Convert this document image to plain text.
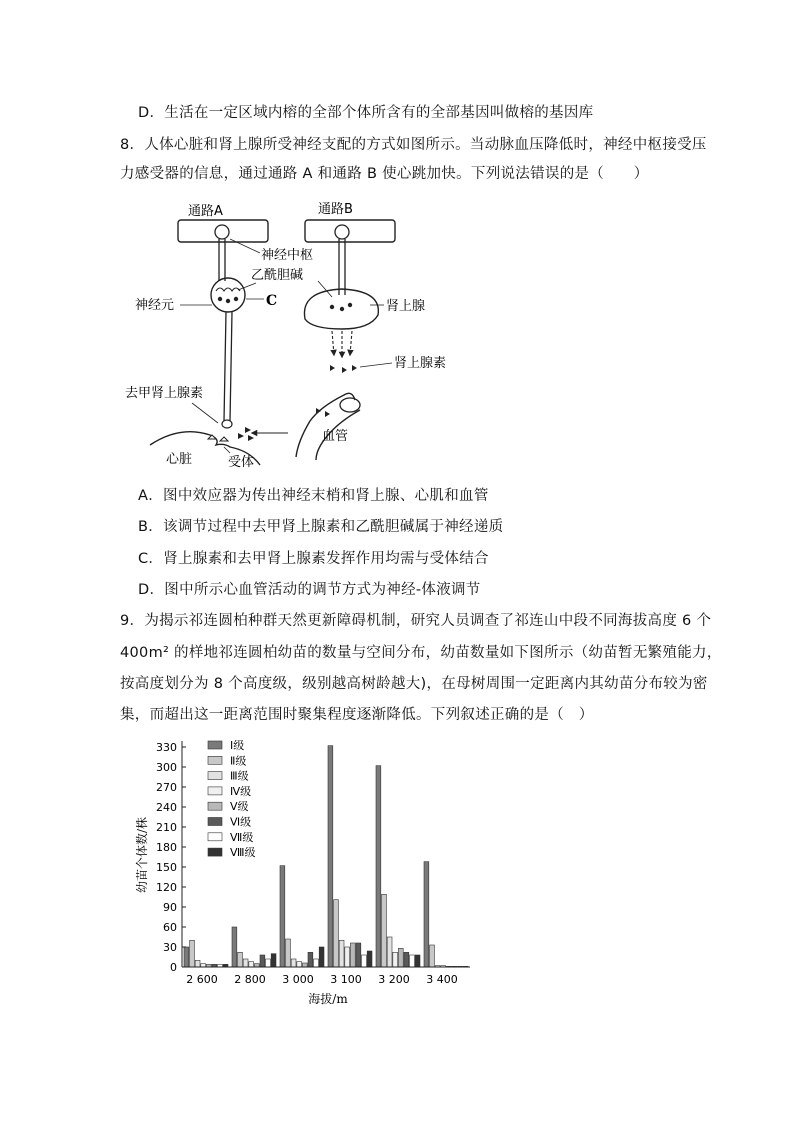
D．生活在一定区域内榕的全部个体所含有的全部基因叫做榕的基因库
8．人体心脏和肾上腺所受神经支配的方式如图所示。当动脉血压降低时，神经中枢接受压
力感受器的信息，通过通路 A 和通路 B 使心跳加快。下列说法错误的是（　　）
通路A	通路B
神经中枢
乙酰胆碱
神经元	C	肾上腺
肾上腺素
血管
去甲肾上腺素
心脏	受体
A．图中效应器为传出神经末梢和肾上腺、心肌和血管
B．该调节过程中去甲肾上腺素和乙酰胆碱属于神经递质
C．肾上腺素和去甲肾上腺素发挥作用均需与受体结合
D．图中所示心血管活动的调节方式为神经-体液调节
9．为揭示祁连圆柏种群天然更新障碍机制，研究人员调查了祁连山中段不同海拔高度 6 个
400m² 的样地祁连圆柏幼苗的数量与空间分布，幼苗数量如下图所示（幼苗暂无繁殖能力，
按高度划分为 8 个高度级，级别越高树龄越大)，在母树周围一定距离内其幼苗分布较为密
集，而超出这一距离范围时聚集程度逐渐降低。下列叙述正确的是（　）
0
30
60
90
120
150
180
210
240
270
300
330
2 600 2 800 3 000 3 100 3 200 3 400
Ⅰ级
Ⅱ级
Ⅲ级
Ⅳ级
Ⅴ级
Ⅵ级
Ⅶ级
Ⅷ级
幼苗个体数/株
海拔/m
